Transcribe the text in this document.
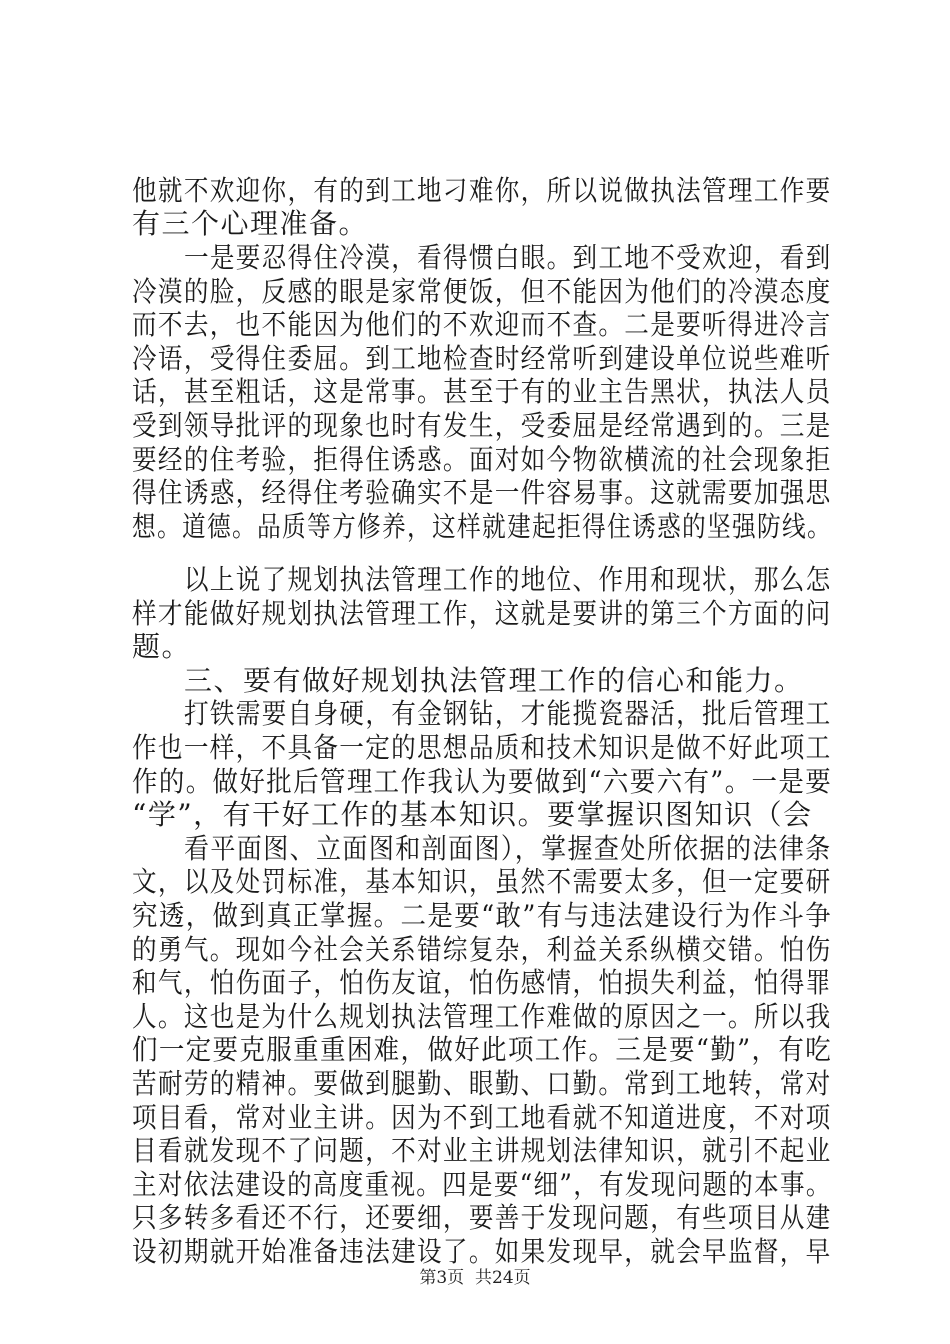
他就不欢迎你，有的到工地刁难你，所以说做执法管理工作要
有三个心理准备。
一是要忍得住冷漠，看得惯白眼。到工地不受欢迎，看到
冷漠的脸，反感的眼是家常便饭，但不能因为他们的冷漠态度
而不去，也不能因为他们的不欢迎而不查。二是要听得进冷言
冷语，受得住委屈。到工地检查时经常听到建设单位说些难听
话，甚至粗话，这是常事。甚至于有的业主告黑状，执法人员
受到领导批评的现象也时有发生，受委屈是经常遇到的。三是
要经的住考验，拒得住诱惑。面对如今物欲横流的社会现象拒
得住诱惑，经得住考验确实不是一件容易事。这就需要加强思
想。道德。品质等方修养，这样就建起拒得住诱惑的坚强防线。
以上说了规划执法管理工作的地位、作用和现状，那么怎
样才能做好规划执法管理工作，这就是要讲的第三个方面的问
题。
三、要有做好规划执法管理工作的信心和能力。
打铁需要自身硬，有金钢钻，才能揽瓷器活，批后管理工
作也一样，不具备一定的思想品质和技术知识是做不好此项工
作的。做好批后管理工作我认为要做到“六要六有”。一是要
“学”，有干好工作的基本知识。要掌握识图知识（会
看平面图、立面图和剖面图），掌握查处所依据的法律条
文，以及处罚标准，基本知识，虽然不需要太多，但一定要研
究透，做到真正掌握。二是要“敢”有与违法建设行为作斗争
的勇气。现如今社会关系错综复杂，利益关系纵横交错。怕伤
和气，怕伤面子，怕伤友谊，怕伤感情，怕损失利益，怕得罪
人。这也是为什么规划执法管理工作难做的原因之一。所以我
们一定要克服重重困难，做好此项工作。三是要“勤”，有吃
苦耐劳的精神。要做到腿勤、眼勤、口勤。常到工地转，常对
项目看，常对业主讲。因为不到工地看就不知道进度，不对项
目看就发现不了问题，不对业主讲规划法律知识，就引不起业
主对依法建设的高度重视。四是要“细”，有发现问题的本事。
只多转多看还不行，还要细，要善于发现问题，有些项目从建
设初期就开始准备违法建设了。如果发现早，就会早监督，早
第3页 共24页
